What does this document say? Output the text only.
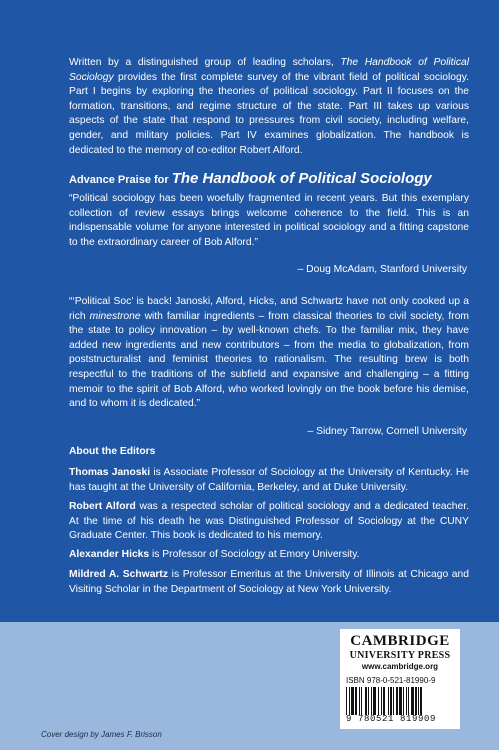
Written by a distinguished group of leading scholars, The Handbook of Political Sociology provides the first complete survey of the vibrant field of political sociology. Part I begins by exploring the theories of political sociology. Part II focuses on the formation, transitions, and regime structure of the state. Part III takes up various aspects of the state that respond to pressures from civil society, including welfare, gender, and military policies. Part IV examines globalization. The handbook is dedicated to the memory of co-editor Robert Alford.

Advance Praise for The Handbook of Political Sociology

“Political sociology has been woefully fragmented in recent years. But this exemplary collection of review essays brings welcome coherence to the field. This is an indispensable volume for anyone interested in political sociology and a fitting capstone to the extraordinary career of Bob Alford.”

– Doug McAdam, Stanford University

“‘Political Soc’ is back! Janoski, Alford, Hicks, and Schwartz have not only cooked up a rich minestrone with familiar ingredients – from classical theories to civil society, from the state to policy innovation – by well-known chefs. To the familiar mix, they have added new ingredients and new contributors – from the media to globalization, from poststructuralist and feminist theories to rationalism. The resulting brew is both respectful to the traditions of the subfield and expansive and challenging – a fitting memoir to the spirit of Bob Alford, who worked lovingly on the book before his demise, and to whom it is dedicated.”

– Sidney Tarrow, Cornell University
About the Editors

Thomas Janoski is Associate Professor of Sociology at the University of Kentucky. He has taught at the University of California, Berkeley, and at Duke University.

Robert Alford was a respected scholar of political sociology and a dedicated teacher. At the time of his death he was Distinguished Professor of Sociology at the CUNY Graduate Center. This book is dedicated to his memory.

Alexander Hicks is Professor of Sociology at Emory University.

Mildred A. Schwartz is Professor Emeritus at the University of Illinois at Chicago and Visiting Scholar in the Department of Sociology at New York University.

CAMBRIDGE
UNIVERSITY PRESS
www.cambridge.org
ISBN 978-0-521-81990-9
9 780521 819909
Cover design by James F. Brisson
